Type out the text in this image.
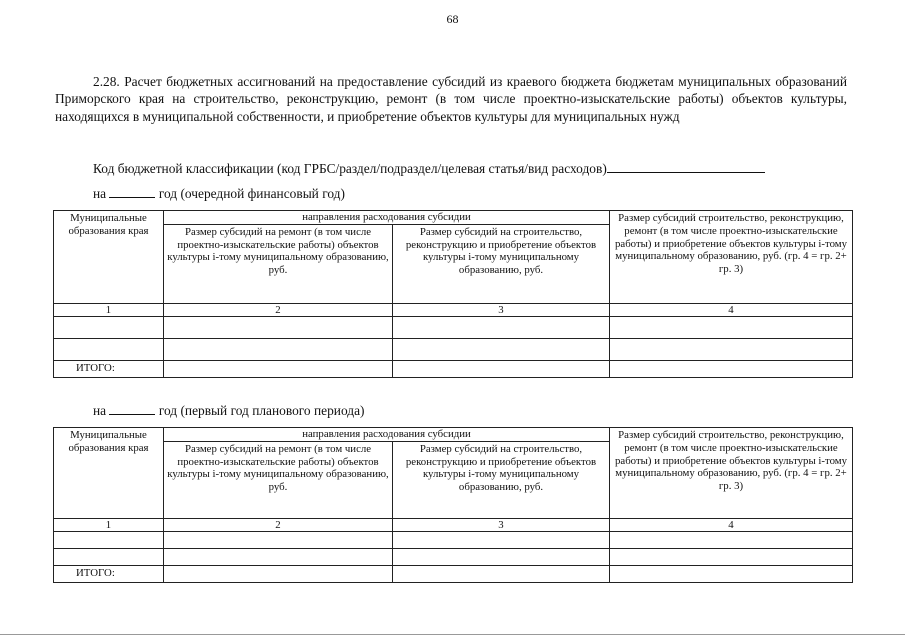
68

2.28. Расчет бюджетных ассигнований на предоставление субсидий из краевого бюджета бюджетам муниципальных образований Приморского края на строительство, реконструкцию, ремонт (в том числе проектно-изыскательские работы) объектов культуры, находящихся в муниципальной собственности, и приобретение объектов культуры для муниципальных нужд

Код бюджетной классификации (код ГРБС/раздел/подраздел/целевая статья/вид расходов)
на	год (очередной финансовый год)
Муниципальные образования края	направления расходования субсидии		Размер субсидий строительство, реконструкцию, ремонт (в том числе проектно-изыскательские работы) и приобретение объектов культуры i-тому муниципальному образованию, руб. (гр. 4 = гр. 2+ гр. 3)
	Размер субсидий на ремонт (в том числе проектно-изыскательские работы) объектов культуры i-тому муниципальному образованию, руб.	Размер субсидий на строительство, реконструкцию и приобретение объектов культуры i-тому муниципальному образованию, руб.	
1	2	3	4

ИТОГО:			
на	год (первый год планового периода)
Муниципальные образования края	направления расходования субсидии		Размер субсидий строительство, реконструкцию, ремонт (в том числе проектно-изыскательские работы) и приобретение объектов культуры i-тому муниципальному образованию, руб. (гр. 4 = гр. 2+ гр. 3)
	Размер субсидий на ремонт (в том числе проектно-изыскательские работы) объектов культуры i-тому муниципальному образованию, руб.	Размер субсидий на строительство, реконструкцию и приобретение объектов культуры i-тому муниципальному образованию, руб.	
1	2	3	4

ИТОГО:			
